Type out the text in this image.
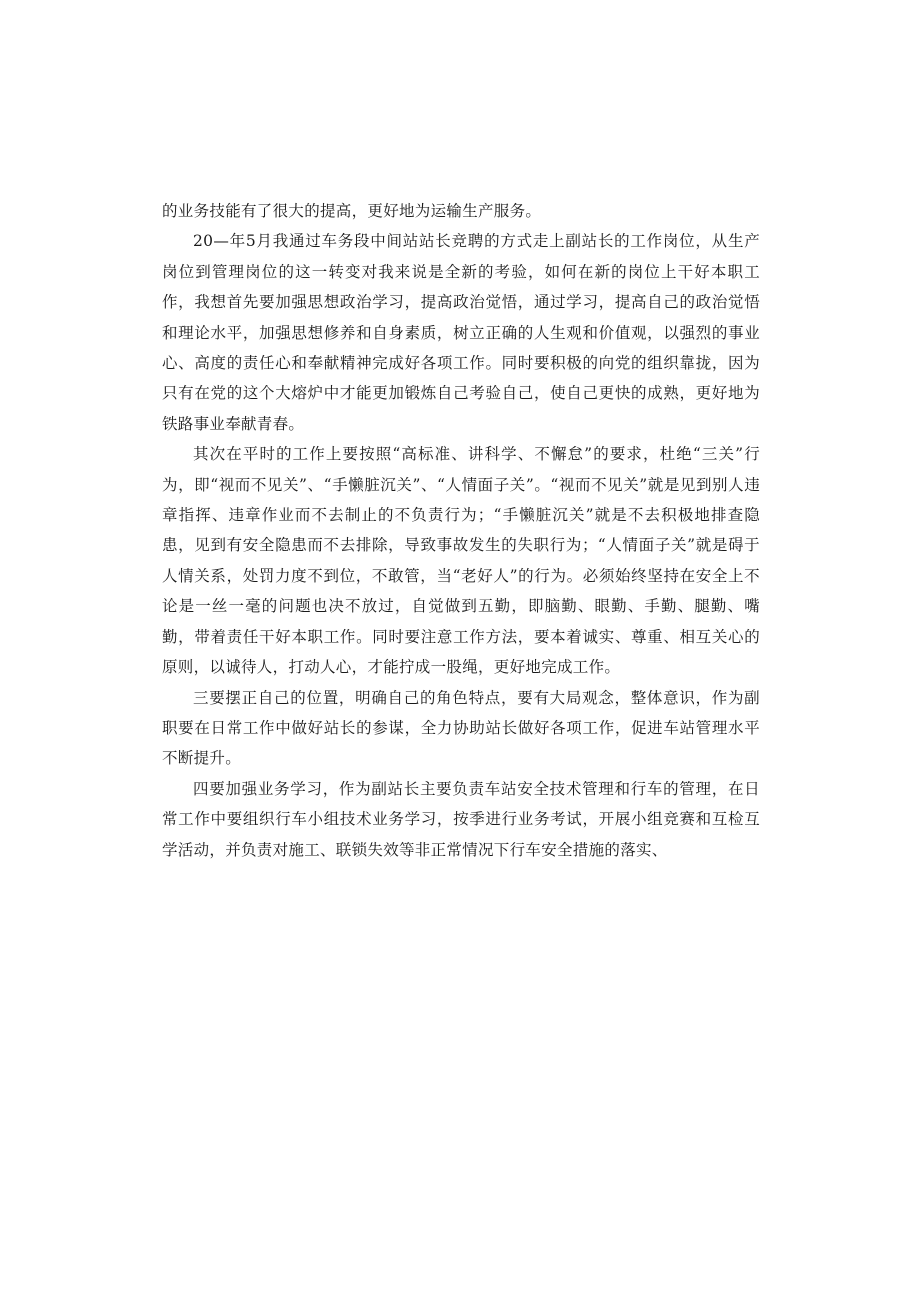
的业务技能有了很大的提高，更好地为运输生产服务。

20—年5月我通过车务段中间站站长竞聘的方式走上副站长的工作岗位，从生产岗位到管理岗位的这一转变对我来说是全新的考验，如何在新的岗位上干好本职工作，我想首先要加强思想政治学习，提高政治觉悟，通过学习，提高自己的政治觉悟和理论水平，加强思想修养和自身素质，树立正确的人生观和价值观，以强烈的事业心、高度的责任心和奉献精神完成好各项工作。同时要积极的向党的组织靠拢，因为只有在党的这个大熔炉中才能更加锻炼自己考验自己，使自己更快的成熟，更好地为铁路事业奉献青春。

其次在平时的工作上要按照“高标准、讲科学、不懈怠”的要求，杜绝“三关”行为，即“视而不见关”、“手懒脏沉关”、“人情面子关”。“视而不见关”就是见到别人违章指挥、违章作业而不去制止的不负责行为；“手懒脏沉关”就是不去积极地排查隐患，见到有安全隐患而不去排除，导致事故发生的失职行为；“人情面子关”就是碍于人情关系，处罚力度不到位，不敢管，当“老好人”的行为。必须始终坚持在安全上不论是一丝一毫的问题也决不放过，自觉做到五勤，即脑勤、眼勤、手勤、腿勤、嘴勤，带着责任干好本职工作。同时要注意工作方法，要本着诚实、尊重、相互关心的原则，以诚待人，打动人心，才能拧成一股绳，更好地完成工作。

三要摆正自己的位置，明确自己的角色特点，要有大局观念，整体意识，作为副职要在日常工作中做好站长的参谋，全力协助站长做好各项工作，促进车站管理水平不断提升。

四要加强业务学习，作为副站长主要负责车站安全技术管理和行车的管理，在日常工作中要组织行车小组技术业务学习，按季进行业务考试，开展小组竞赛和互检互学活动，并负责对施工、联锁失效等非正常情况下行车安全措施的落实、
